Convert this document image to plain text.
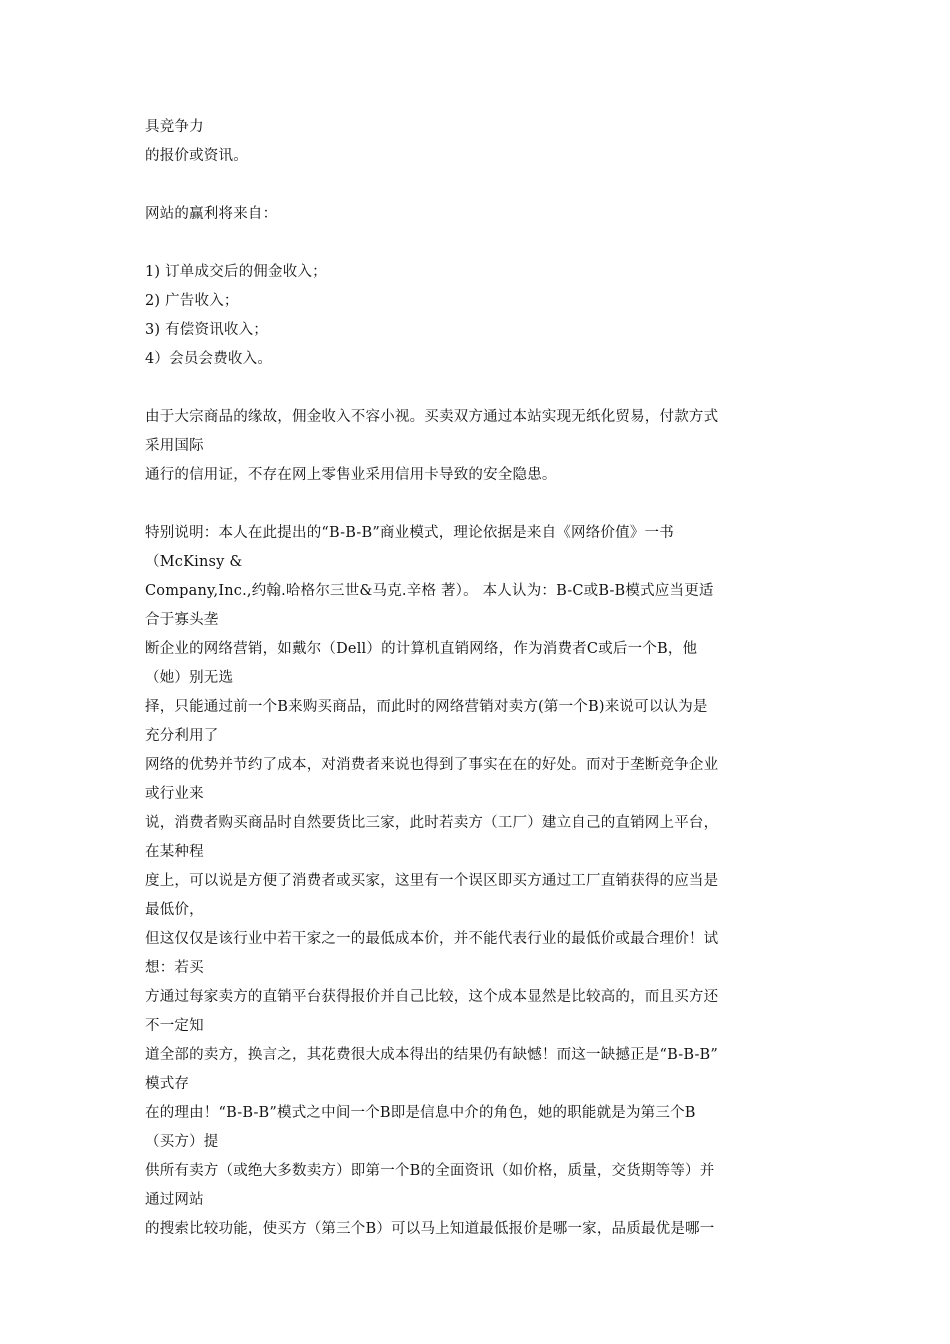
具竞争力
的报价或资讯。
网站的赢利将来自：
1) 订单成交后的佣金收入；
2) 广告收入；
3) 有偿资讯收入；
4）会员会费收入。
由于大宗商品的缘故，佣金收入不容小视。买卖双方通过本站实现无纸化贸易，付款方式
采用国际
通行的信用证，不存在网上零售业采用信用卡导致的安全隐患。
特别说明：本人在此提出的“B-B-B”商业模式，理论依据是来自《网络价值》一书
（McKinsy &
Company,Inc.,约翰.哈格尔三世&马克.辛格 著）。 本人认为：B-C或B-B模式应当更适
合于寡头垄
断企业的网络营销，如戴尔（Dell）的计算机直销网络，作为消费者C或后一个B，他
（她）别无选
择，只能通过前一个B来购买商品，而此时的网络营销对卖方(第一个B)来说可以认为是
充分利用了
网络的优势并节约了成本，对消费者来说也得到了事实在在的好处。而对于垄断竞争企业
或行业来
说，消费者购买商品时自然要货比三家，此时若卖方（工厂）建立自己的直销网上平台，
在某种程
度上，可以说是方便了消费者或买家，这里有一个误区即买方通过工厂直销获得的应当是
最低价，
但这仅仅是该行业中若干家之一的最低成本价，并不能代表行业的最低价或最合理价！试
想：若买
方通过每家卖方的直销平台获得报价并自己比较，这个成本显然是比较高的，而且买方还
不一定知
道全部的卖方，换言之，其花费很大成本得出的结果仍有缺憾！而这一缺撼正是“B-B-B”
模式存
在的理由！“B-B-B”模式之中间一个B即是信息中介的角色，她的职能就是为第三个B
（买方）提
供所有卖方（或绝大多数卖方）即第一个B的全面资讯（如价格，质量，交货期等等）并
通过网站
的搜索比较功能，使买方（第三个B）可以马上知道最低报价是哪一家，品质最优是哪一
